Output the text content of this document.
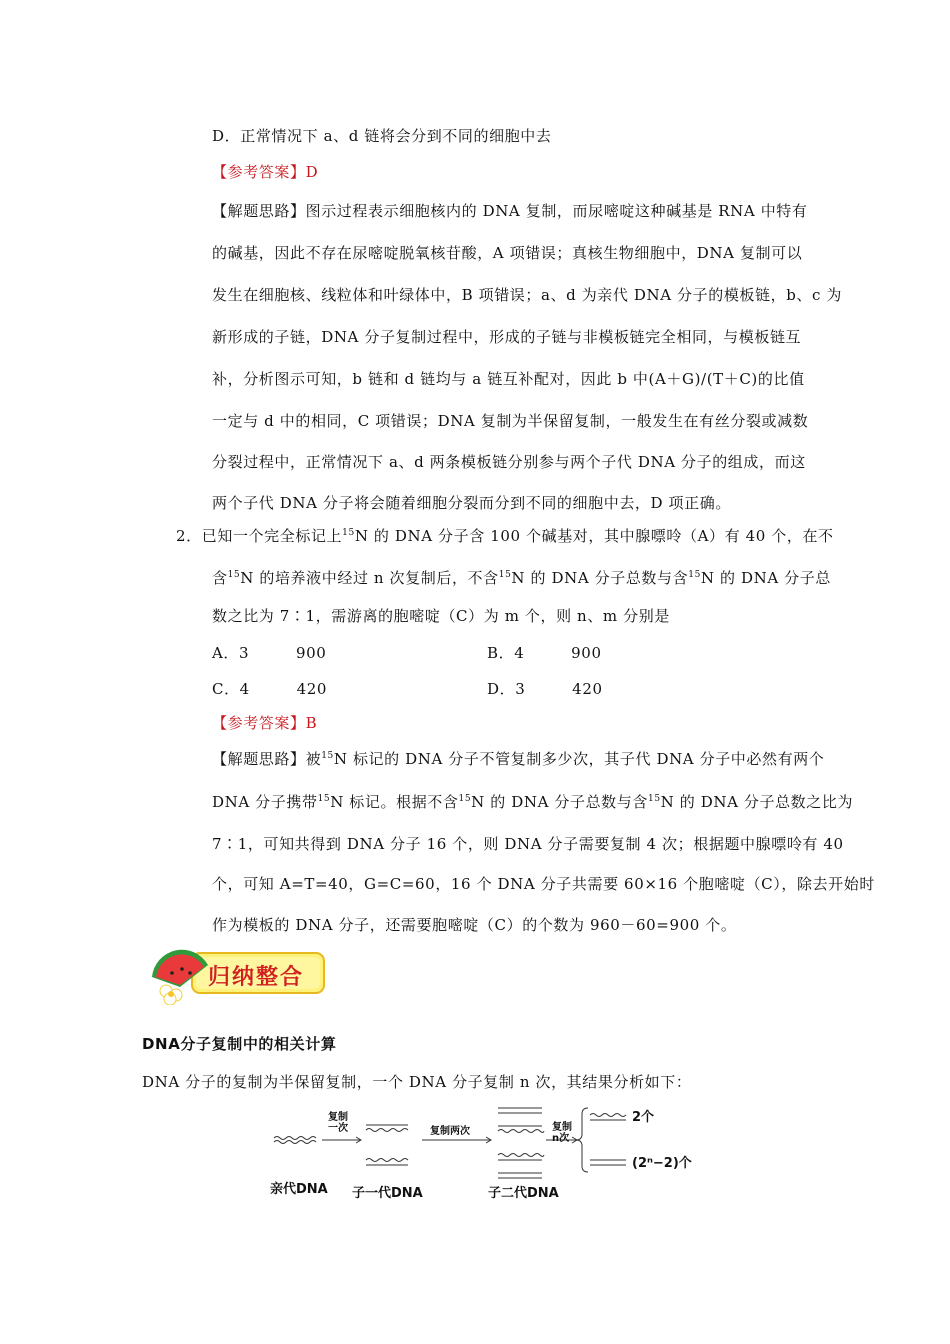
D．正常情况下 a、d 链将会分到不同的细胞中去
【参考答案】D
【解题思路】图示过程表示细胞核内的 DNA 复制，而尿嘧啶这种碱基是 RNA 中特有
的碱基，因此不存在尿嘧啶脱氧核苷酸，A 项错误；真核生物细胞中，DNA 复制可以
发生在细胞核、线粒体和叶绿体中，B 项错误；a、d 为亲代 DNA 分子的模板链，b、c 为
新形成的子链，DNA 分子复制过程中，形成的子链与非模板链完全相同，与模板链互
补，分析图示可知，b 链和 d 链均与 a 链互补配对，因此 b 中(A＋G)/(T＋C)的比值
一定与 d 中的相同，C 项错误；DNA 复制为半保留复制，一般发生在有丝分裂或减数
分裂过程中，正常情况下 a、d 两条模板链分别参与两个子代 DNA 分子的组成，而这
两个子代 DNA 分子将会随着细胞分裂而分到不同的细胞中去，D 项正确。
2．已知一个完全标记上$^{15}$N 的 DNA 分子含 100 个碱基对，其中腺嘌呤（A）有 40 个，在不
含$^{15}$N 的培养液中经过 n 次复制后，不含$^{15}$N 的 DNA 分子总数与含$^{15}$N 的 DNA 分子总
数之比为 7∶1，需游离的胞嘧啶（C）为 m 个，则 n、m 分别是
A．3　　　900	B．4　　　900
C．4　　　420	D．3　　　420
【参考答案】B
【解题思路】被$^{15}$N 标记的 DNA 分子不管复制多少次，其子代 DNA 分子中必然有两个
DNA 分子携带$^{15}$N 标记。根据不含$^{15}$N 的 DNA 分子总数与含$^{15}$N 的 DNA 分子总数之比为
7∶1，可知共得到 DNA 分子 16 个，则 DNA 分子需要复制 4 次；根据题中腺嘌呤有 40
个，可知 A=T=40，G=C=60，16 个 DNA 分子共需要 60×16 个胞嘧啶（C），除去开始时
作为模板的 DNA 分子，还需要胞嘧啶（C）的个数为 960－60=900 个。
归纳整合
DNA分子复制中的相关计算
DNA 分子的复制为半保留复制，一个 DNA 分子复制 n 次，其结果分析如下：
复制
一次	复制两次	复制
n次
2个
(2ⁿ−2)个
亲代DNA 子一代DNA	子二代DNA
